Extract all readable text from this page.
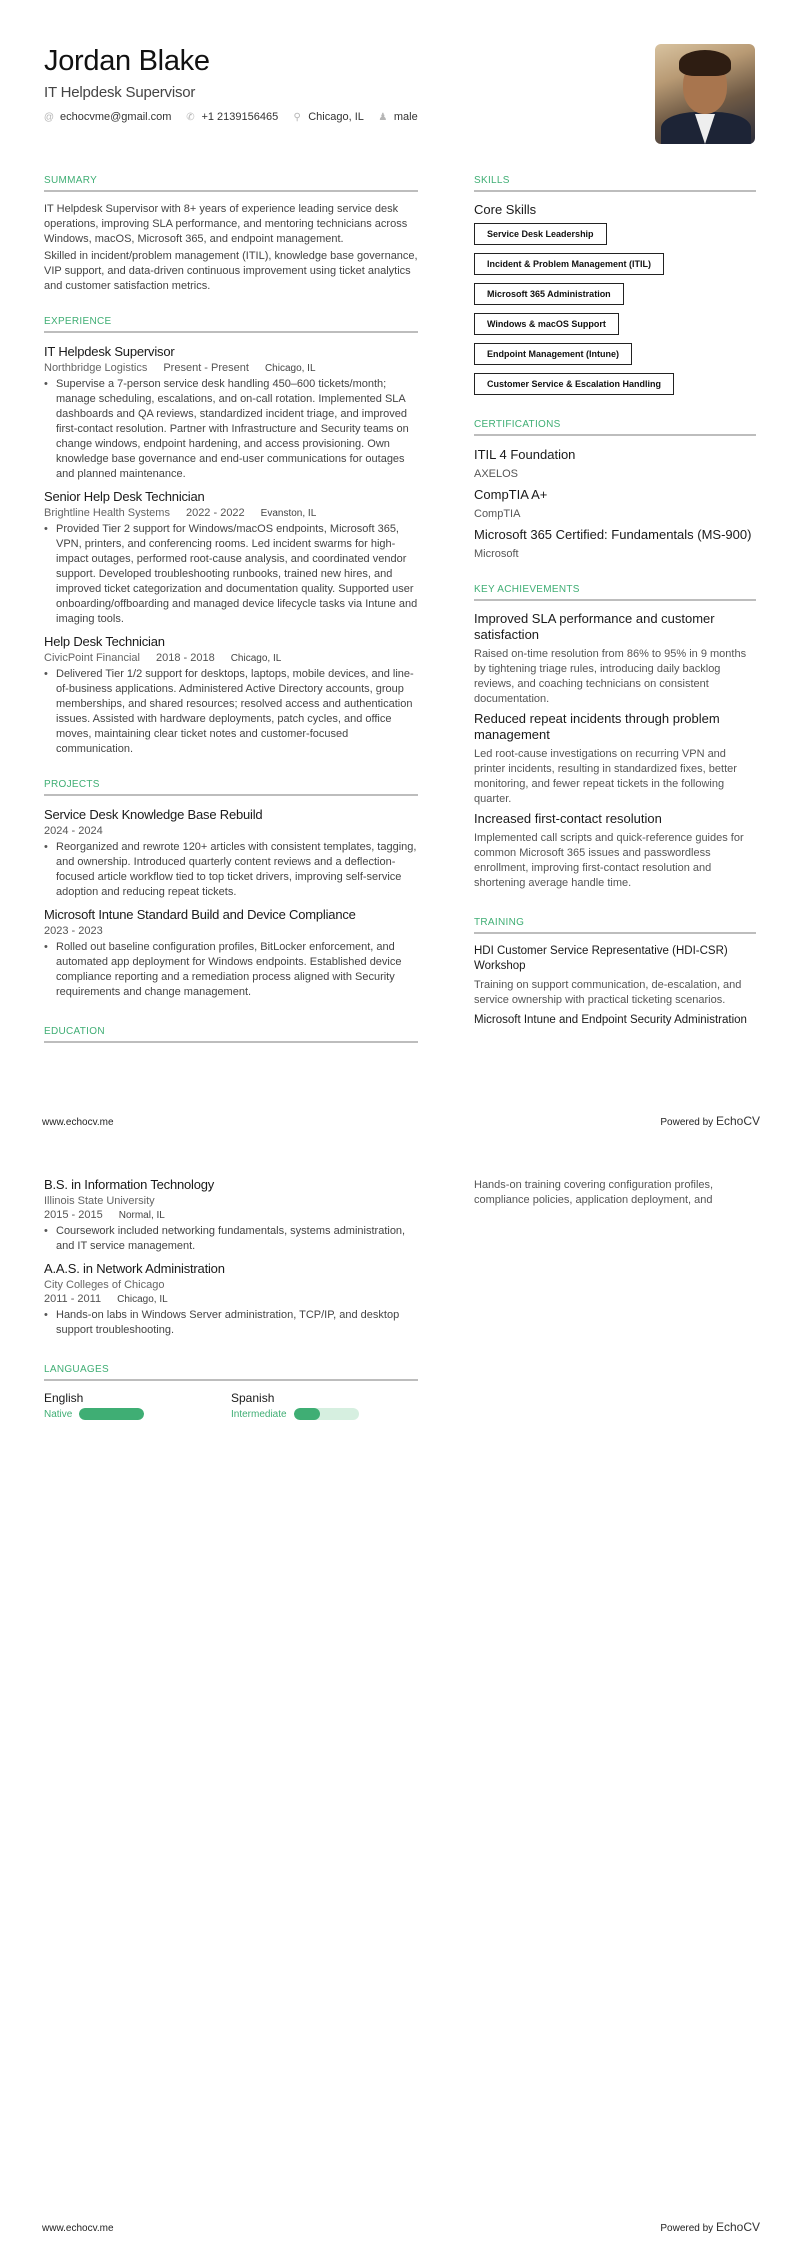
Jordan Blake
IT Helpdesk Supervisor
@ echocvme@gmail.com ✆ +1 2139156465 ⚲ Chicago, IL ♟ male
SUMMARY

IT Helpdesk Supervisor with 8+ years of experience leading service desk operations, improving SLA performance, and mentoring technicians across Windows, macOS, Microsoft 365, and endpoint management.

Skilled in incident/problem management (ITIL), knowledge base governance, VIP support, and data-driven continuous improvement using ticket analytics and customer satisfaction metrics.

EXPERIENCE
IT Helpdesk Supervisor
Northbridge Logistics Present - Present Chicago, IL
• Supervise a 7-person service desk handling 450–600 tickets/month; manage scheduling, escalations, and on-call rotation. Implemented SLA dashboards and QA reviews, standardized incident triage, and improved first-contact resolution. Partner with Infrastructure and Security teams on change windows, endpoint hardening, and access provisioning. Own knowledge base governance and end-user communications for outages and planned maintenance.
Senior Help Desk Technician
Brightline Health Systems 2022 - 2022 Evanston, IL
• Provided Tier 2 support for Windows/macOS endpoints, Microsoft 365, VPN, printers, and conferencing rooms. Led incident swarms for high-impact outages, performed root-cause analysis, and coordinated vendor support. Developed troubleshooting runbooks, trained new hires, and improved ticket categorization and documentation quality. Supported user onboarding/offboarding and managed device lifecycle tasks via Intune and imaging tools.
Help Desk Technician
CivicPoint Financial 2018 - 2018 Chicago, IL
• Delivered Tier 1/2 support for desktops, laptops, mobile devices, and line-of-business applications. Administered Active Directory accounts, group memberships, and shared resources; resolved access and authentication issues. Assisted with hardware deployments, patch cycles, and office moves, maintaining clear ticket notes and customer-focused communication.
PROJECTS
Service Desk Knowledge Base Rebuild
2024 - 2024
• Reorganized and rewrote 120+ articles with consistent templates, tagging, and ownership. Introduced quarterly content reviews and a deflection-focused article workflow tied to top ticket drivers, improving self-service adoption and reducing repeat tickets.
Microsoft Intune Standard Build and Device Compliance
2023 - 2023
• Rolled out baseline configuration profiles, BitLocker enforcement, and automated app deployment for Windows endpoints. Established device compliance reporting and a remediation process aligned with Security requirements and change management.
EDUCATION
SKILLS
Core Skills
Service Desk Leadership
Incident & Problem Management (ITIL)
Microsoft 365 Administration
Windows & macOS Support
Endpoint Management (Intune)
Customer Service & Escalation Handling
CERTIFICATIONS
ITIL 4 Foundation
AXELOS
CompTIA A+
CompTIA
Microsoft 365 Certified: Fundamentals (MS-900)
Microsoft
KEY ACHIEVEMENTS
Improved SLA performance and customer satisfaction
Raised on-time resolution from 86% to 95% in 9 months by tightening triage rules, introducing daily backlog reviews, and coaching technicians on consistent documentation.
Reduced repeat incidents through problem management
Led root-cause investigations on recurring VPN and printer incidents, resulting in standardized fixes, better monitoring, and fewer repeat tickets in the following quarter.
Increased first-contact resolution
Implemented call scripts and quick-reference guides for common Microsoft 365 issues and passwordless enrollment, improving first-contact resolution and shortening average handle time.
TRAINING
HDI Customer Service Representative (HDI-CSR) Workshop
Training on support communication, de-escalation, and service ownership with practical ticketing scenarios.
Microsoft Intune and Endpoint Security Administration
www.echocv.me	Powered by EchoCV
B.S. in Information Technology
Illinois State University
2015 - 2015 Normal, IL
• Coursework included networking fundamentals, systems administration, and IT service management.
A.A.S. in Network Administration
City Colleges of Chicago
2011 - 2011 Chicago, IL
• Hands-on labs in Windows Server administration, TCP/IP, and desktop support troubleshooting.
LANGUAGES
English
Native
Spanish
Intermediate
Hands-on training covering configuration profiles, compliance policies, application deployment, and
www.echocv.me	Powered by EchoCV
